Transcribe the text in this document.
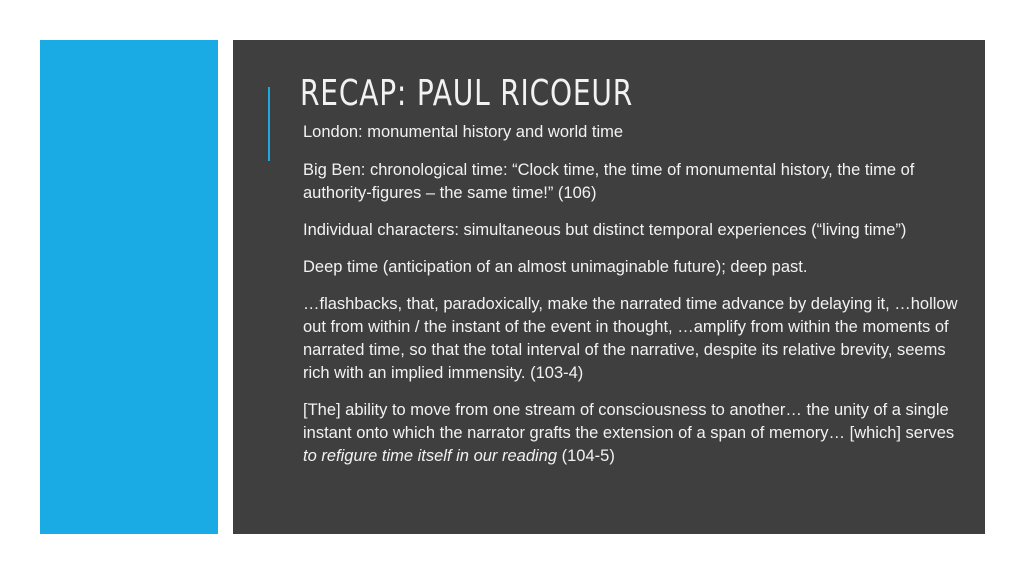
RECAP: PAUL RICOEUR

London: monumental history and world time

Big Ben: chronological time: “Clock time, the time of monumental history, the time of authority-figures – the same time!” (106)

Individual characters: simultaneous but distinct temporal experiences (“living time”)

Deep time (anticipation of an almost unimaginable future); deep past.

…flashbacks, that, paradoxically, make the narrated time advance by delaying it, …hollow out from within / the instant of the event in thought, …amplify from within the moments of narrated time, so that the total interval of the narrative, despite its relative brevity, seems rich with an implied immensity. (103-4)

[The] ability to move from one stream of consciousness to another… the unity of a single instant onto which the narrator grafts the extension of a span of memory… [which] serves to refigure time itself in our reading (104-5)
